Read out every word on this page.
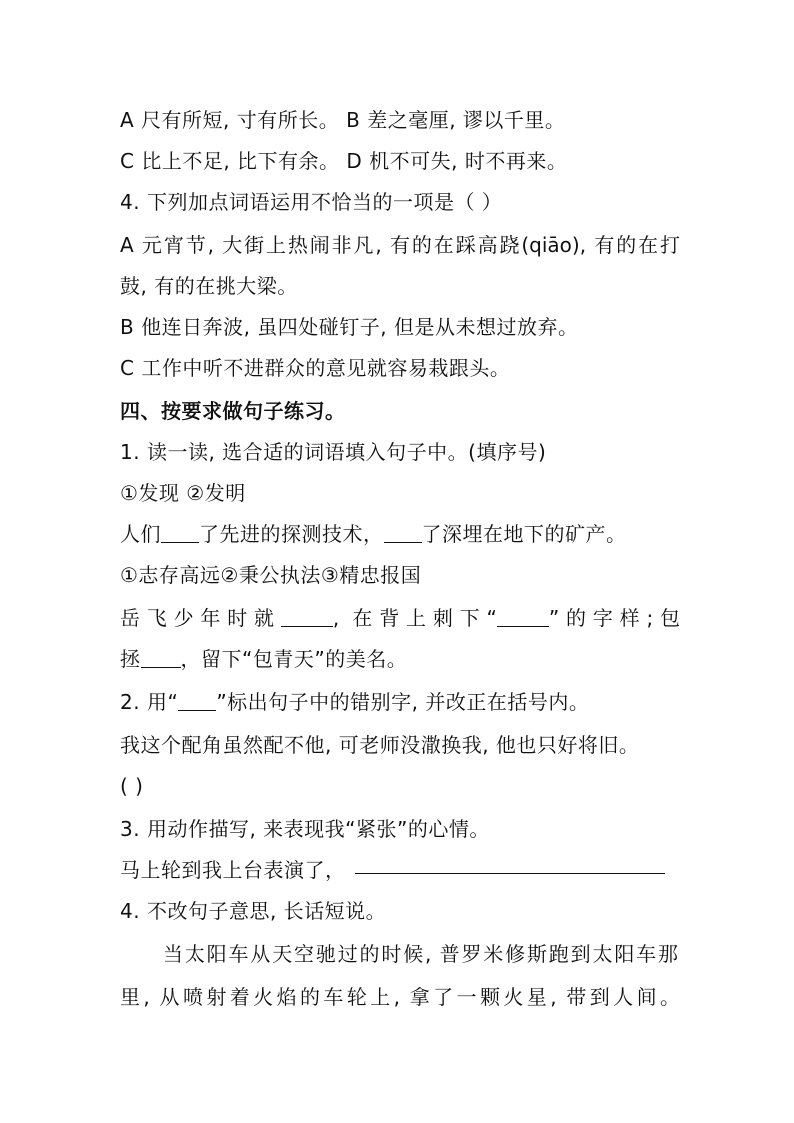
A 尺有所短, 寸有所长。 B 差之毫厘, 谬以千里。
C 比上不足, 比下有余。 D 机不可失, 时不再来。
4. 下列加点词语运用不恰当的一项是（ ）
A 元宵节, 大街上热闹非凡, 有的在踩高跷(qiāo), 有的在打
鼓, 有的在挑大梁。
B 他连日奔波, 虽四处碰钉子, 但是从未想过放弃。
C 工作中听不进群众的意见就容易栽跟头。
四、按要求做句子练习。
1. 读一读, 选合适的词语填入句子中。(填序号)
①发现 ②发明
人们 了先进的探测技术， 了深埋在地下的矿产。
①志存高远②秉公执法③精忠报国
岳飞少年时就	, 在背上刺下“	”的字样;包
拯 ，留下“包青天”的美名。
2. 用“ ”标出句子中的错别字, 并改正在括号内。
我这个配角虽然配不他, 可老师没潵换我, 他也只好将旧。
( )
3. 用动作描写, 来表现我“紧张”的心情。
马上轮到我上台表演了，
4. 不改句子意思, 长话短说。
当太阳车从天空驰过的时候, 普罗米修斯跑到太阳车那
里, 从喷射着火焰的车轮上, 拿了一颗火星, 带到人间。
